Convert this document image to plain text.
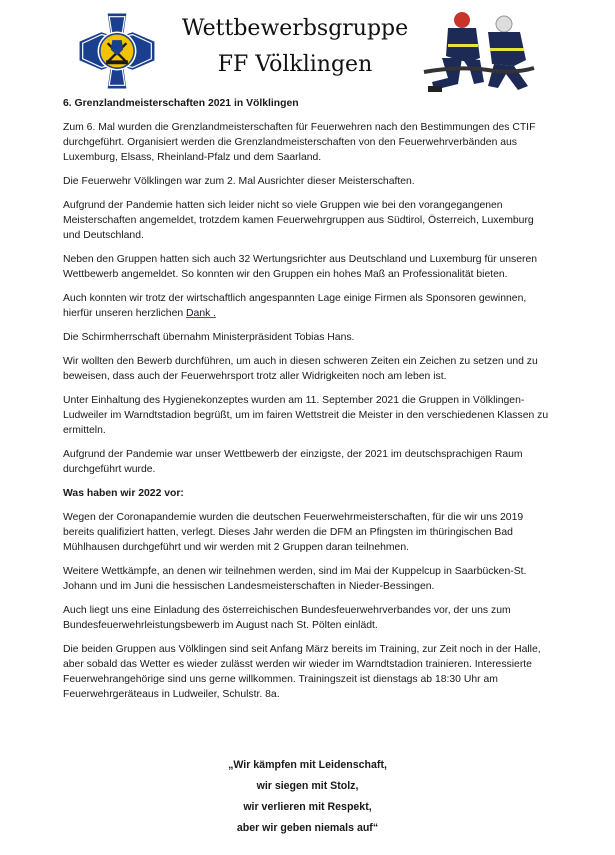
Wettbewerbsgruppe
FF Völklingen

6. Grenzlandmeisterschaften 2021 in Völklingen

Zum 6. Mal wurden die Grenzlandmeisterschaften für Feuerwehren nach den Bestimmungen des CTIF durchgeführt. Organisiert werden die Grenzlandmeisterschaften von den Feuerwehrverbänden aus Luxemburg, Elsass, Rheinland-Pfalz und dem Saarland.

Die Feuerwehr Völklingen war zum 2. Mal Ausrichter dieser Meisterschaften.

Aufgrund der Pandemie hatten sich leider nicht so viele Gruppen wie bei den vorangegangenen Meisterschaften angemeldet, trotzdem kamen Feuerwehrgruppen aus Südtirol, Österreich, Luxemburg und Deutschland.

Neben den Gruppen hatten sich auch 32 Wertungsrichter aus Deutschland und Luxemburg für unseren Wettbewerb angemeldet. So konnten wir den Gruppen ein hohes Maß an Professionalität bieten.

Auch konnten wir trotz der wirtschaftlich angespannten Lage einige Firmen als Sponsoren gewinnen, hierfür unseren herzlichen Dank .

Die Schirmherrschaft übernahm Ministerpräsident Tobias Hans.

Wir wollten den Bewerb durchführen, um auch in diesen schweren Zeiten ein Zeichen zu setzen und zu beweisen, dass auch der Feuerwehrsport trotz aller Widrigkeiten noch am leben ist.

Unter Einhaltung des Hygienekonzeptes wurden am 11. September 2021 die Gruppen in Völklingen-Ludweiler im Warndtstadion begrüßt, um im fairen Wettstreit die Meister in den verschiedenen Klassen zu ermitteln.

Aufgrund der Pandemie war unser Wettbewerb der einzigste, der 2021 im deutschsprachigen Raum durchgeführt wurde.

Was haben wir 2022 vor:

Wegen der Coronapandemie wurden die deutschen Feuerwehrmeisterschaften, für die wir uns 2019 bereits qualifiziert hatten, verlegt. Dieses Jahr werden die DFM an Pfingsten im thüringischen Bad Mühlhausen durchgeführt und wir werden mit 2 Gruppen daran teilnehmen.

Weitere Wettkämpfe, an denen wir teilnehmen werden, sind im Mai der Kuppelcup in Saarbücken-St. Johann und im Juni die hessischen Landesmeisterschaften in Nieder-Bessingen.

Auch liegt uns eine Einladung des österreichischen Bundesfeuerwehrverbandes vor, der uns zum Bundesfeuerwehrleistungsbewerb im August nach St. Pölten einlädt.

Die beiden Gruppen aus Völklingen sind seit Anfang März bereits im Training, zur Zeit noch in der Halle, aber sobald das Wetter es wieder zulässt werden wir wieder im Warndtstadion trainieren. Interessierte Feuerwehrangehörige sind uns gerne willkommen. Trainingszeit ist dienstags ab 18:30 Uhr am Feuerwehrgeräteaus in Ludweiler, Schulstr. 8a.

„Wir kämpfen mit Leidenschaft,
wir siegen mit Stolz,
wir verlieren mit Respekt,
aber wir geben niemals auf“
